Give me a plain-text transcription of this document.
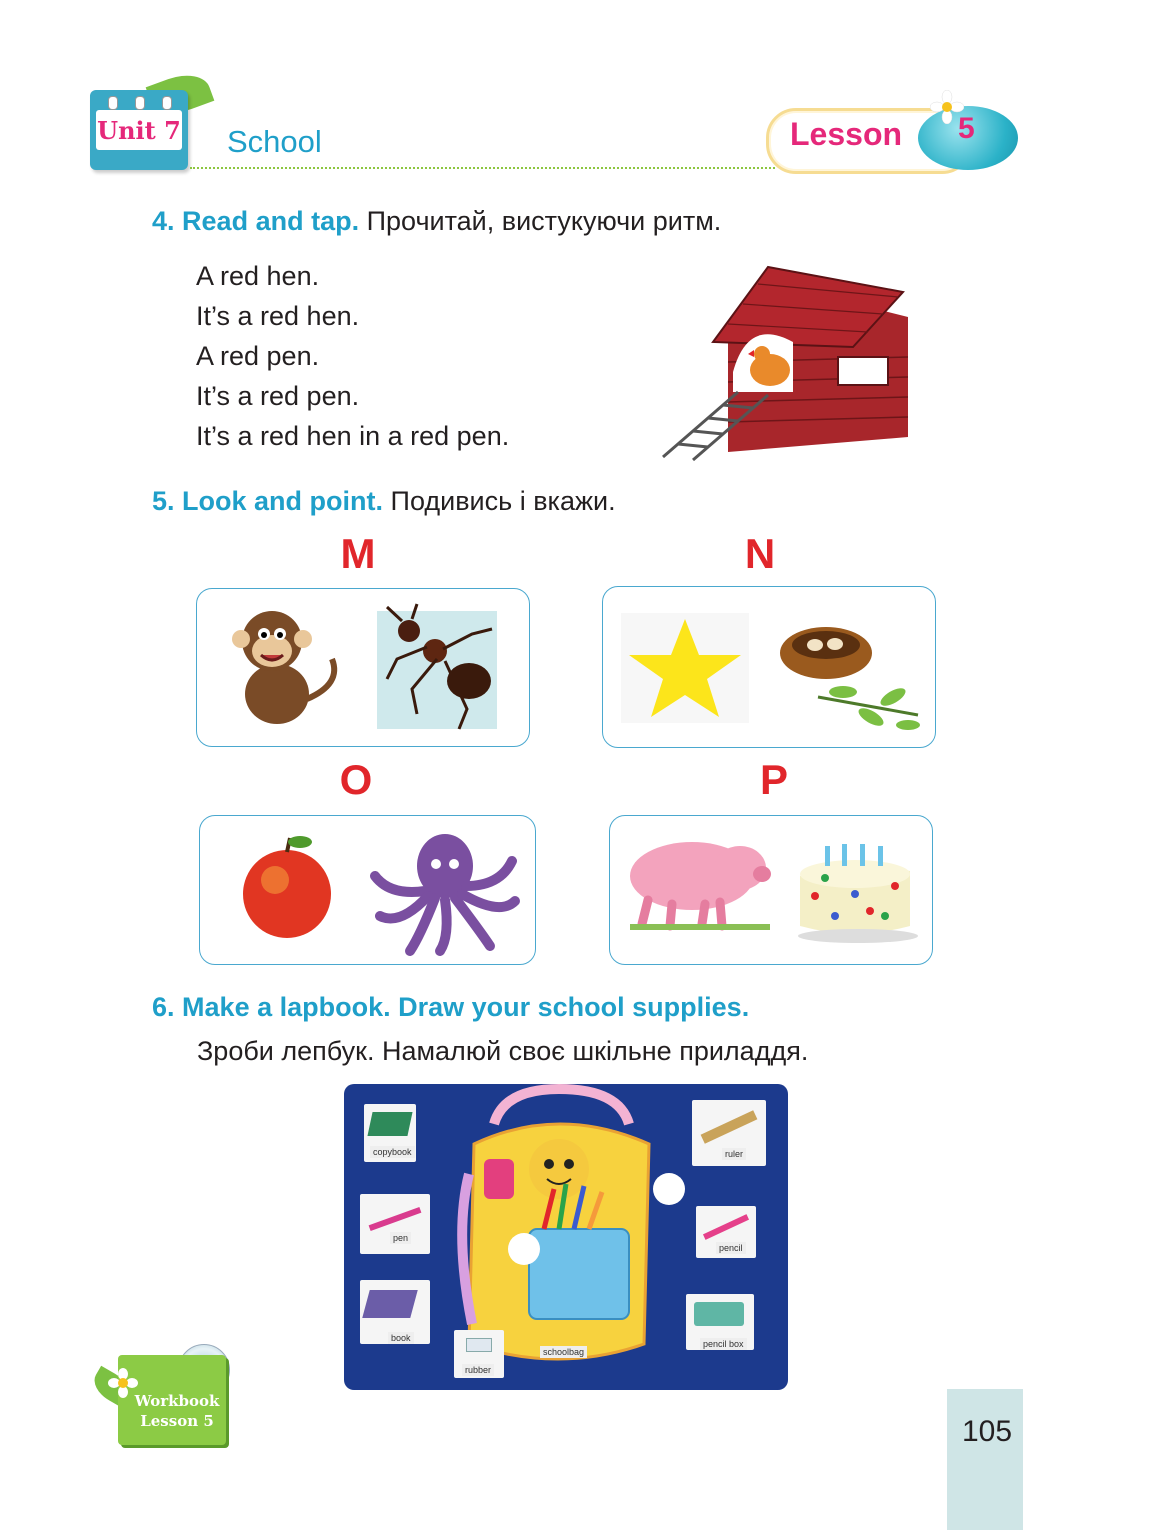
Unit 7 School	Lesson 5
4. Read and tap. Прочитай, вистукуючи ритм.
A red hen.
It’s a red hen.
A red pen.
It’s a red pen.
It’s a red hen in a red pen.
5. Look and point. Подивись і вкажи.
M	N
O	P
6. Make a lapbook. Draw your school supplies.
Зроби лепбук. Намалюй своє шкільне приладдя.
copybook	ruler
pen
pencil
book
rubber
schoolbag
pencil box
Workbook
Lesson 5	105
